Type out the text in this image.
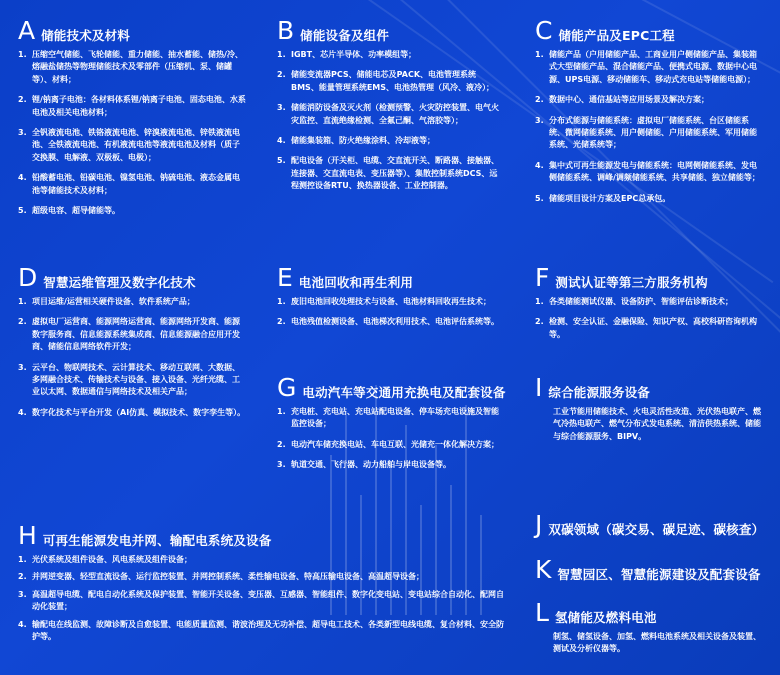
A 储能技术及材料
1. 压缩空气储能、飞轮储能、重力储能、抽水蓄能、储热/冷、熔融盐储热等物理储能技术及零部件（压缩机、泵、储罐等）、材料；
2. 锂/钠离子电池：各材料体系锂/钠离子电池、固态电池、水系电池及相关电池材料；
3. 全钒液流电池、铁铬液流电池、锌溴液流电池、锌铁液流电池、全铁液流电池、有机液流电池等液流电池及材料（质子交换膜、电解液、双极板、电极）；
4. 铅酸蓄电池、铅碳电池、镍氢电池、钠硫电池、液态金属电池等储能技术及材料；
5. 超级电容、超导储能等。
B 储能设备及组件
1. IGBT、芯片半导体、功率模组等；
2. 储能变流器PCS、储能电芯及PACK、电池管理系统BMS、能量管理系统EMS、电池热管理（风冷、液冷）；
3. 储能消防设备及灭火剂（检测预警、火灾防控装置、电气火灾监控、直流绝缘检测、全氟己酮、气溶胶等）；
4. 储能集装箱、防火绝缘涂料、冷却液等；
5. 配电设备（开关柜、电缆、交直流开关、断路器、接触器、连接器、交直流电表、变压器等）、集散控制系统DCS、远程测控设备RTU、换热器设备、工业控制器。
C 储能产品及EPC工程
1. 储能产品（户用储能产品、工商业用户侧储能产品、集装箱式大型储能产品、混合储能产品、便携式电源、数据中心电源、UPS电源、移动储能车、移动式充电站等储能电源）；
2. 数据中心、通信基站等应用场景及解决方案；
3. 分布式能源与储能系统：虚拟电厂储能系统、台区储能系统、微网储能系统、用户侧储能、户用储能系统、军用储能系统、光储系统等；
4. 集中式可再生能源发电与储能系统：电网侧储能系统、发电侧储能系统、调峰/调频储能系统、共享储能、独立储能等；
5. 储能项目设计方案及EPC总承包。
D 智慧运维管理及数字化技术
1. 项目运维/运营相关硬件设备、软件系统产品；
2. 虚拟电厂运营商、能源网络运营商、能源网络开发商、能源数字服务商、信息能源系统集成商、信息能源融合应用开发商、储能信息网络软件开发；
3. 云平台、物联网技术、云计算技术、移动互联网、大数据、多网融合技术、传输技术与设备、接入设备、光纤光缆、工业以太网、数据通信与网络技术及相关产品；
4. 数字化技术与平台开发（AI仿真、模拟技术、数字孪生等）。
E 电池回收和再生利用
1. 废旧电池回收处理技术与设备、电池材料回收再生技术；
2. 电池残值检测设备、电池梯次利用技术、电池评估系统等。
F 测试认证等第三方服务机构
1. 各类储能测试仪器、设备防护、智能评估诊断技术；
2. 检测、安全认证、金融保险、知识产权、高校科研咨询机构等。
G 电动汽车等交通用充换电及配套设备
1. 充电桩、充电站、充电站配电设备、停车场充电设施及智能监控设备；
2. 电动汽车储充换电站、车电互联、光储充一体化解决方案；
3. 轨道交通、飞行器、动力船舶与岸电设备等。
I 综合能源服务设备
工业节能用储能技术、火电灵活性改造、光伏热电联产、燃气冷热电联产、燃气分布式发电系统、清洁供热系统、储能与综合能源服务、BIPV。
H 可再生能源发电并网、输配电系统及设备
1. 光伏系统及组件设备、风电系统及组件设备；
2. 并网逆变器、轻型直流设备、运行监控装置、并网控制系统、柔性输电设备、特高压输电设备、高温超导设备；
3. 高温超导电缆、配电自动化系统及保护装置、智能开关设备、变压器、互感器、智能组件、数字化变电站、变电站综合自动化、配网自动化装置；
4. 输配电在线监测、故障诊断及自愈装置、电能质量监测、谐波治理及无功补偿、超导电工技术、各类新型电线电缆、复合材料、安全防护等。
J 双碳领域（碳交易、碳足迹、碳核查）
K 智慧园区、智慧能源建设及配套设备
L 氢储能及燃料电池
制氢、储氢设备、加氢、燃料电池系统及相关设备及装置、测试及分析仪器等。
